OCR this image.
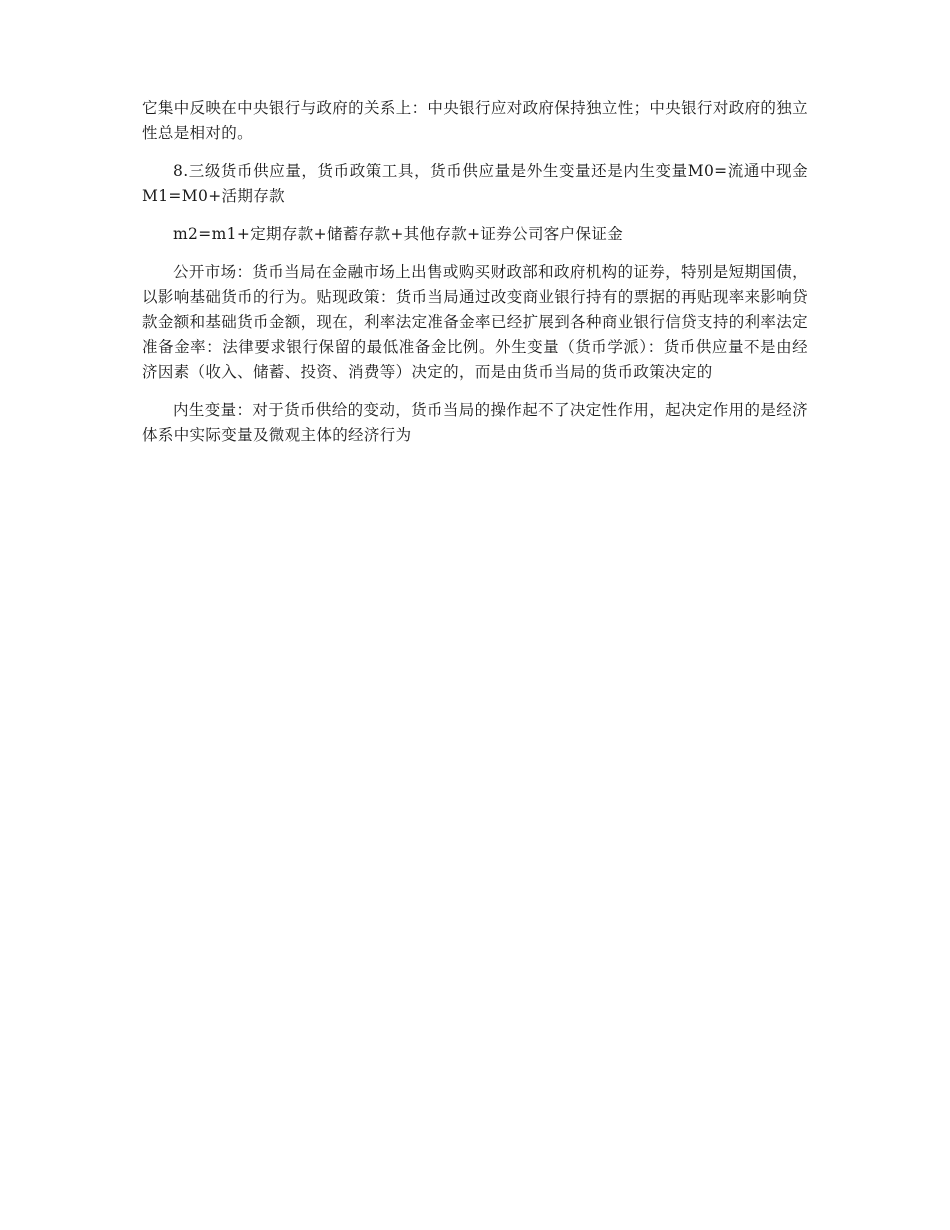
它集中反映在中央银行与政府的关系上：中央银行应对政府保持独立性；中央银行对政府的独立性总是相对的。

8.三级货币供应量，货币政策工具，货币供应量是外生变量还是内生变量M0=流通中现金 M1=M0+活期存款

m2=m1+定期存款+储蓄存款+其他存款+证券公司客户保证金

公开市场：货币当局在金融市场上出售或购买财政部和政府机构的证券，特别是短期国债，以影响基础货币的行为。贴现政策：货币当局通过改变商业银行持有的票据的再贴现率来影响贷款金额和基础货币金额，现在，利率法定准备金率已经扩展到各种商业银行信贷支持的利率法定准备金率：法律要求银行保留的最低准备金比例。外生变量（货币学派）：货币供应量不是由经济因素（收入、储蓄、投资、消费等）决定的，而是由货币当局的货币政策决定的

内生变量：对于货币供给的变动，货币当局的操作起不了决定性作用，起决定作用的是经济体系中实际变量及微观主体的经济行为
